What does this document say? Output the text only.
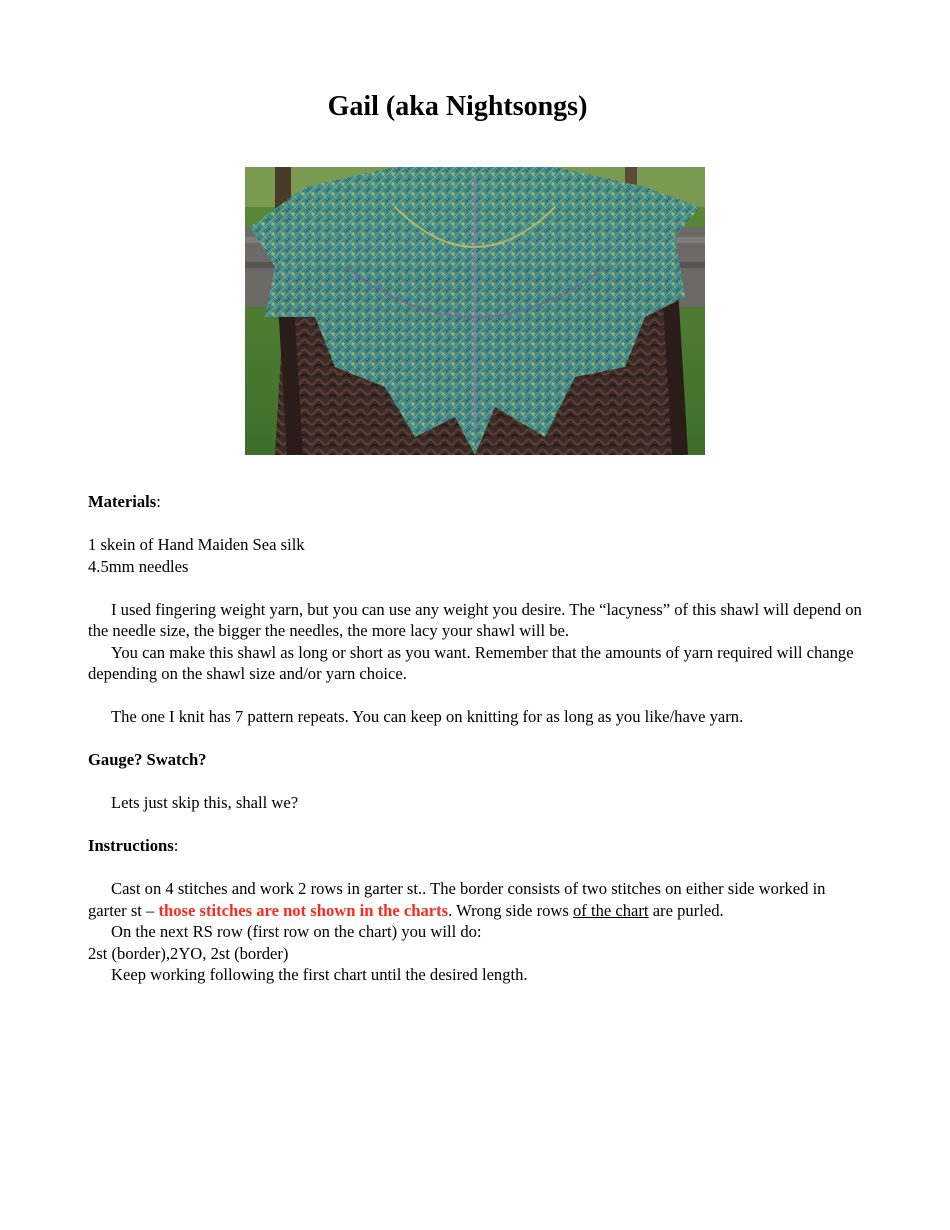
Gail (aka Nightsongs)

Materials:

1 skein of Hand Maiden Sea silk

4.5mm needles

I used fingering weight yarn, but you can use any weight you desire. The “lacyness” of this shawl will depend on the needle size, the bigger the needles, the more lacy your shawl will be.

You can make this shawl as long or short as you want. Remember that the amounts of yarn required will change depending on the shawl size and/or yarn choice.

The one I knit has 7 pattern repeats. You can keep on knitting for as long as you like/have yarn.

Gauge? Swatch?

Lets just skip this, shall we?

Instructions:

Cast on 4 stitches and work 2 rows in garter st.. The border consists of two stitches on either side worked in garter st – those stitches are not shown in the charts. Wrong side rows of the chart are purled.

On the next RS row (first row on the chart) you will do:

2st (border),2YO, 2st (border)

Keep working following the first chart until the desired length.
